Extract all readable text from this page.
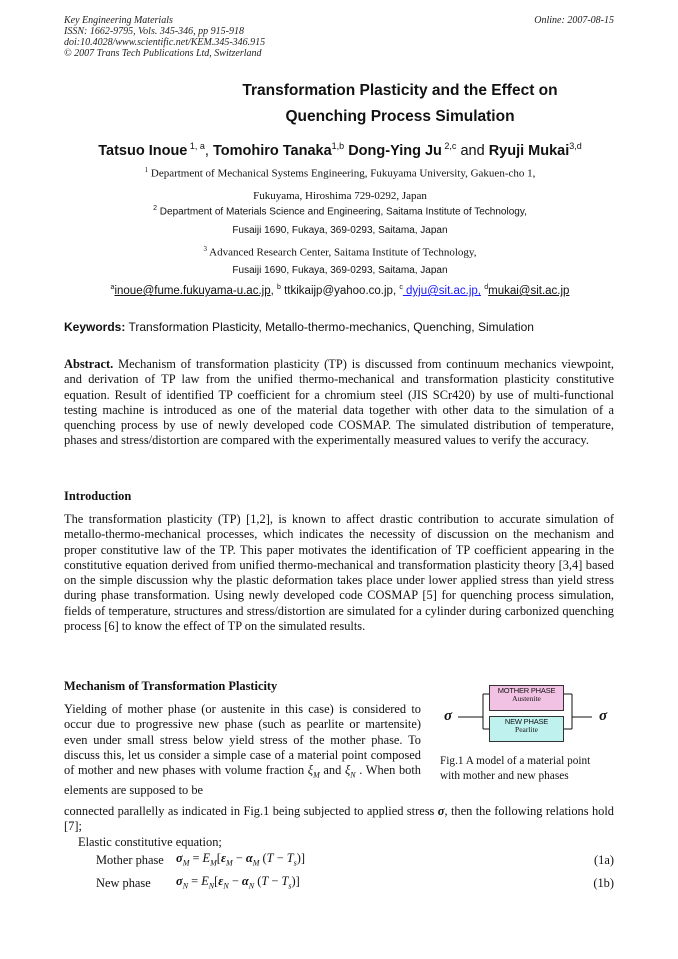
Key Engineering Materials
ISSN: 1662-9795, Vols. 345-346, pp 915-918
doi:10.4028/www.scientific.net/KEM.345-346.915
© 2007 Trans Tech Publications Ltd, Switzerland
Online: 2007-08-15
Transformation Plasticity and the Effect on
Quenching Process Simulation
Tatsuo Inoue $^{1, a}$, Tomohiro Tanaka$^{1,b}$ Dong-Ying Ju $^{2,c}$ and Ryuji Mukai$^{3,d}$
$^1$ Department of Mechanical Systems Engineering, Fukuyama University, Gakuen-cho 1,
Fukuyama, Hiroshima 729-0292, Japan
$^2$ Department of Materials Science and Engineering, Saitama Institute of Technology,
Fusaiji 1690, Fukaya, 369-0293, Saitama, Japan
$^3$ Advanced Research Center, Saitama Institute of Technology,
Fusaiji 1690, Fukaya, 369-0293, Saitama, Japan
$^a$inoue@fume.fukuyama-u.ac.jp, $^b$ ttkikaijp@yahoo.co.jp, $^c$ dyju@sit.ac.jp, $^d$mukai@sit.ac.jp
Keywords: Transformation Plasticity, Metallo-thermo-mechanics, Quenching, Simulation
Abstract. Mechanism of transformation plasticity (TP) is discussed from continuum mechanics viewpoint, and derivation of TP law from the unified thermo-mechanical and transformation plasticity constitutive equation. Result of identified TP coefficient for a chromium steel (JIS SCr420) by use of multi-functional testing machine is introduced as one of the material data together with other data to the simulation of a quenching process by use of newly developed code COSMAP. The simulated distribution of temperature, phases and stress/distortion are compared with the experimentally measured values to verify the accuracy.
Introduction
The transformation plasticity (TP) [1,2], is known to affect drastic contribution to accurate simulation of metallo-thermo-mechanical processes, which indicates the necessity of discussion on the mechanism and proper constitutive law of the TP. This paper motivates the identification of TP coefficient appearing in the constitutive equation derived from unified thermo-mechanical and transformation plasticity theory [3,4] based on the simple discussion why the plastic deformation takes place under lower applied stress than yield stress during phase transformation. Using newly developed code COSMAP [5] for quenching process simulation, fields of temperature, structures and stress/distortion are simulated for a cylinder during carbonized quenching process [6] to know the effect of TP on the simulated results.
Mechanism of Transformation Plasticity
Yielding of mother phase (or austenite in this case) is considered to occur due to progressive new phase (such as pearlite or martensite) even under small stress below yield stress of the mother phase. To discuss this, let us consider a simple case of a material point composed of mother and new phases with volume fraction $\xi_M$ and $\xi_N$ . When both elements are supposed to be
connected parallelly as indicated in Fig.1 being subjected to applied stress σ, then the following relations hold [7];
Elastic constitutive equation;
MOTHER PHASE
Austenite
NEW PHASE
Pearlite
σ	σ
Fig.1 A model of a material point
with mother and new phases
Mother phase $\sigma_M = E_M[\varepsilon_M - \alpha_M$ $(T - T_s)$]	(1a)
New phase $\sigma_N = E_N[\varepsilon_N - \alpha_N$ $(T - T_s)$]	(1b)
